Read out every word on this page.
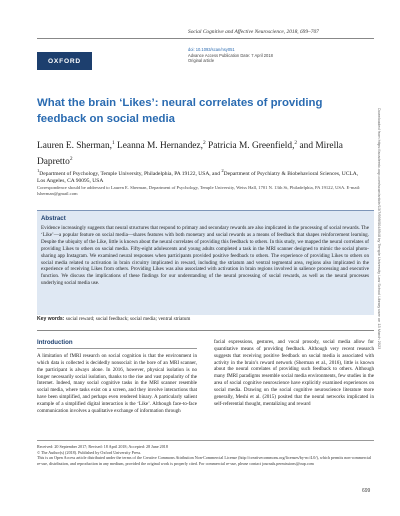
Social Cognitive and Affective Neuroscience, 2018, 699–707
OXFORD
doi: 10.1093/scan/nsy051
Advance Access Publication Date: 7 April 2018
Original article
What the brain ‘Likes’: neural correlates of providing feedback on social media
Lauren E. Sherman,$^1$ Leanna M. Hernandez,$^2$ Patricia M. Greenfield,$^2$ and Mirella Dapretto$^2$
$^1$Department of Psychology, Temple University, Philadelphia, PA 19122, USA, and $^2$Department of Psychiatry & Biobehavioral Sciences, UCLA, Los Angeles, CA 90095, USA
Correspondence should be addressed to Lauren E. Sherman, Department of Psychology, Temple University, Weiss Hall, 1701 N. 13th St, Philadelphia, PA 19122, USA. E-mail: lsherman@gmail.com
Abstract
Evidence increasingly suggests that neural structures that respond to primary and secondary rewards are also implicated in the processing of social rewards. The ‘Like’—a popular feature on social media—shares features with both monetary and social rewards as a means of feedback that shapes reinforcement learning. Despite the ubiquity of the Like, little is known about the neural correlates of providing this feedback to others. In this study, we mapped the neural correlates of providing Likes to others on social media. Fifty-eight adolescents and young adults completed a task in the MRI scanner designed to mimic the social photo-sharing app Instagram. We examined neural responses when participants provided positive feedback to others. The experience of providing Likes to others on social media related to activation in brain circuitry implicated in reward, including the striatum and ventral tegmental area, regions also implicated in the experience of receiving Likes from others. Providing Likes was also associated with activation in brain regions involved in salience processing and executive function. We discuss the implications of these findings for our understanding of the neural processing of social rewards, as well as the neural processes underlying social media use.
Key words: social reward; social feedback; social media; ventral striatum
Introduction
A limitation of fMRI research on social cognition is that the environment in which data is collected is decidedly nonsocial: in the bore of an MRI scanner, the participant is always alone. In 2016, however, physical isolation is no longer necessarily social isolation, thanks to the rise and vast popularity of the Internet. Indeed, many social cognitive tasks in the MRI scanner resemble social media, where tasks exist on a screen, and they involve interactions that have been simplified, and perhaps even rendered binary. A particularly salient example of a simplified digital interaction is the ‘Like’. Although face-to-face communication involves a qualitative exchange of information through
facial expressions, gestures, and vocal prosody, social media allow for quantitative means of providing feedback. Although very recent research suggests that receiving positive feedback on social media is associated with activity in the brain’s reward network (Sherman et al., 2016), little is known about the neural correlates of providing such feedback to others. Although many fMRI paradigms resemble social media environments, few studies in the area of social cognitive neuroscience have explicitly examined experiences on social media. Drawing on the social cognitive neuroscience literature more generally, Meshi et al. (2015) posited that the neural networks implicated in self-referential thought, mentalizing and reward
Received: 20 September 2017; Revised: 18 April 2018; Accepted: 28 June 2018
© The Author(s) (2018). Published by Oxford University Press.
This is an Open Access article distributed under the terms of the Creative Commons Attribution Non-Commercial License (http://creativecommons.org/licenses/by-nc/4.0/), which permits non-commercial re-use, distribution, and reproduction in any medium, provided the original work is properly cited. For commercial re-use, please contact journals.permissions@oup.com
699
Downloaded from https://academic.oup.com/scan/article/13/7/699/5048948 by Temple University Law School Library user on 13 March 2023
